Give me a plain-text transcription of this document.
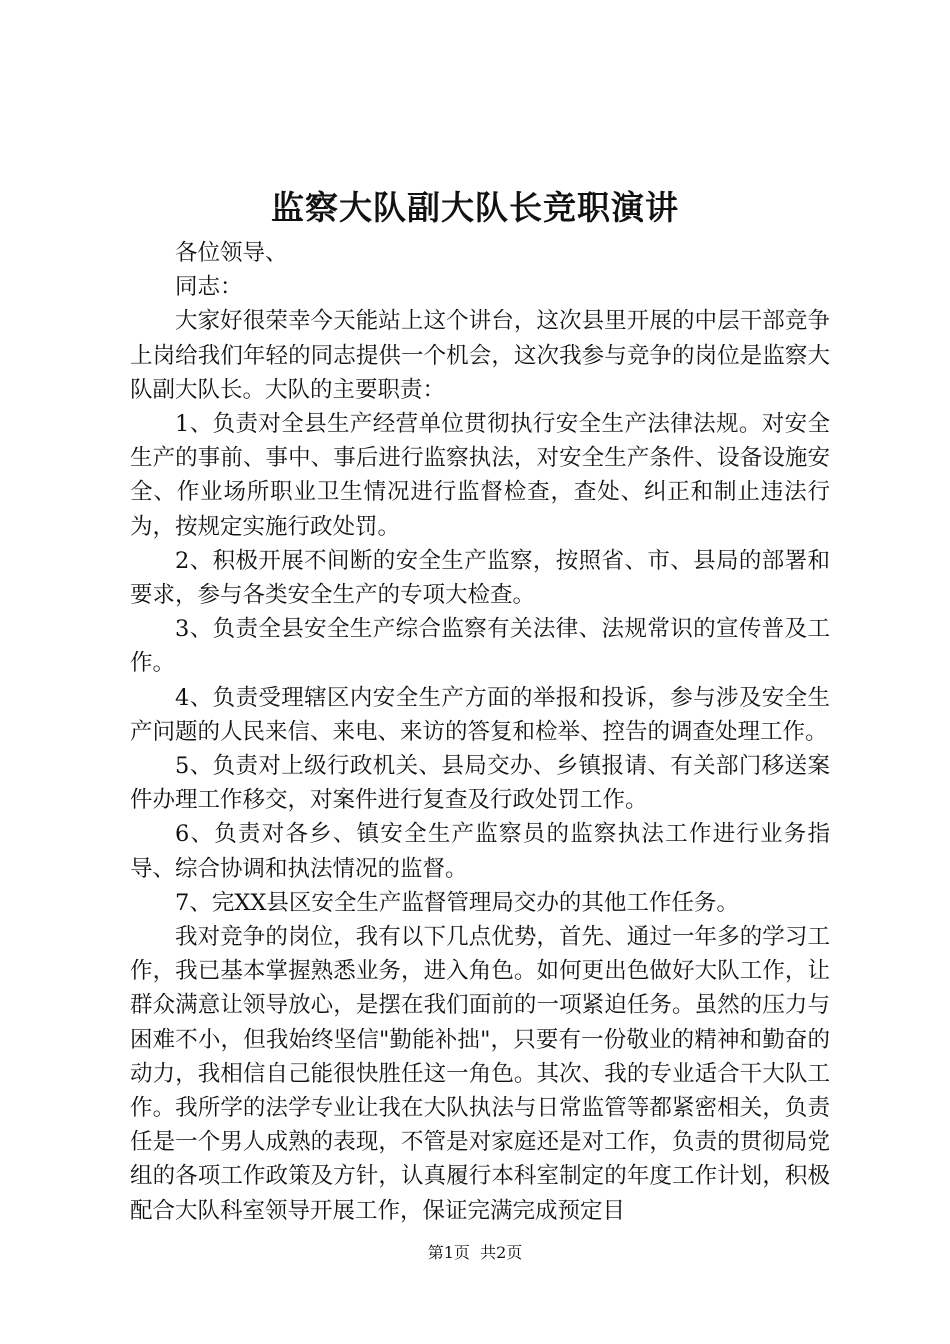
监察大队副大队长竞职演讲

各位领导、

同志：

大家好很荣幸今天能站上这个讲台，这次县里开展的中层干部竞争上岗给我们年轻的同志提供一个机会，这次我参与竞争的岗位是监察大队副大队长。大队的主要职责：

1、负责对全县生产经营单位贯彻执行安全生产法律法规。对安全生产的事前、事中、事后进行监察执法，对安全生产条件、设备设施安全、作业场所职业卫生情况进行监督检查，查处、纠正和制止违法行为，按规定实施行政处罚。

2、积极开展不间断的安全生产监察，按照省、市、县局的部署和要求，参与各类安全生产的专项大检查。

3、负责全县安全生产综合监察有关法律、法规常识的宣传普及工作。

4、负责受理辖区内安全生产方面的举报和投诉，参与涉及安全生产问题的人民来信、来电、来访的答复和检举、控告的调查处理工作。

5、负责对上级行政机关、县局交办、乡镇报请、有关部门移送案件办理工作移交，对案件进行复查及行政处罚工作。

6、负责对各乡、镇安全生产监察员的监察执法工作进行业务指导、综合协调和执法情况的监督。

7、完XX县区安全生产监督管理局交办的其他工作任务。

我对竞争的岗位，我有以下几点优势，首先、通过一年多的学习工作，我已基本掌握熟悉业务，进入角色。如何更出色做好大队工作，让群众满意让领导放心，是摆在我们面前的一项紧迫任务。虽然的压力与困难不小，但我始终坚信"勤能补拙"，只要有一份敬业的精神和勤奋的动力，我相信自己能很快胜任这一角色。其次、我的专业适合干大队工作。我所学的法学专业让我在大队执法与日常监管等都紧密相关，负责任是一个男人成熟的表现，不管是对家庭还是对工作，负责的贯彻局党组的各项工作政策及方针，认真履行本科室制定的年度工作计划，积极配合大队科室领导开展工作，保证完满完成预定目

第1页 共2页
